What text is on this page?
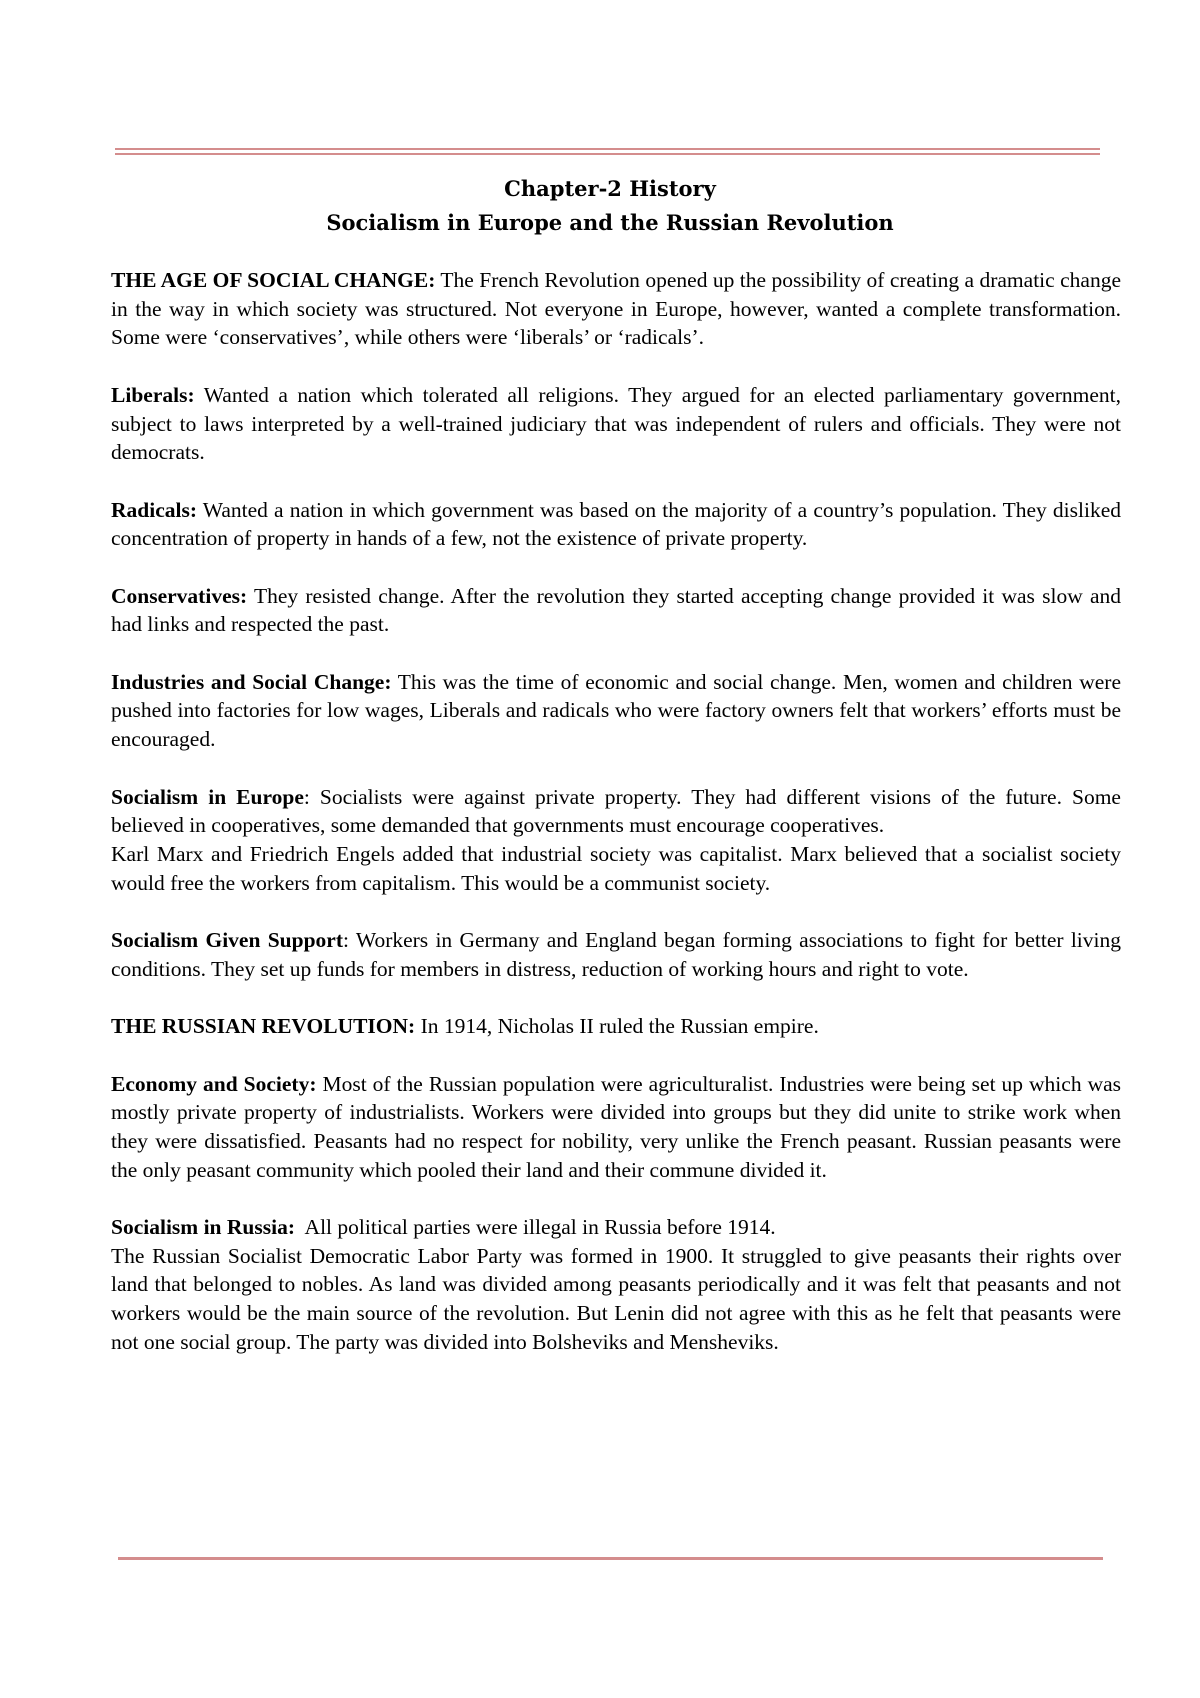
Chapter-2 History

Socialism in Europe and the Russian Revolution

THE AGE OF SOCIAL CHANGE: The French Revolution opened up the possibility of creating a dramatic change in the way in which society was structured. Not everyone in Europe, however, wanted a complete transformation. Some were ‘conservatives’, while others were ‘liberals’ or ‘radicals’.

Liberals: Wanted a nation which tolerated all religions. They argued for an elected parliamentary government, subject to laws interpreted by a well-trained judiciary that was independent of rulers and officials. They were not democrats.

Radicals: Wanted a nation in which government was based on the majority of a country’s population. They disliked concentration of property in hands of a few, not the existence of private property.

Conservatives: They resisted change. After the revolution they started accepting change provided it was slow and had links and respected the past.

Industries and Social Change: This was the time of economic and social change. Men, women and children were pushed into factories for low wages, Liberals and radicals who were factory owners felt that workers’ efforts must be encouraged.

Socialism in Europe: Socialists were against private property. They had different visions of the future. Some believed in cooperatives, some demanded that governments must encourage cooperatives.

Karl Marx and Friedrich Engels added that industrial society was capitalist. Marx believed that a socialist society would free the workers from capitalism. This would be a communist society.

Socialism Given Support: Workers in Germany and England began forming associations to fight for better living conditions. They set up funds for members in distress, reduction of working hours and right to vote.

THE RUSSIAN REVOLUTION: In 1914, Nicholas II ruled the Russian empire.

Economy and Society: Most of the Russian population were agriculturalist. Industries were being set up which was mostly private property of industrialists. Workers were divided into groups but they did unite to strike work when they were dissatisfied. Peasants had no respect for nobility, very unlike the French peasant. Russian peasants were the only peasant community which pooled their land and their commune divided it.

Socialism in Russia:  All political parties were illegal in Russia before 1914.

The Russian Socialist Democratic Labor Party was formed in 1900. It struggled to give peasants their rights over land that belonged to nobles. As land was divided among peasants periodically and it was felt that peasants and not workers would be the main source of the revolution. But Lenin did not agree with this as he felt that peasants were not one social group. The party was divided into Bolsheviks and Mensheviks.
